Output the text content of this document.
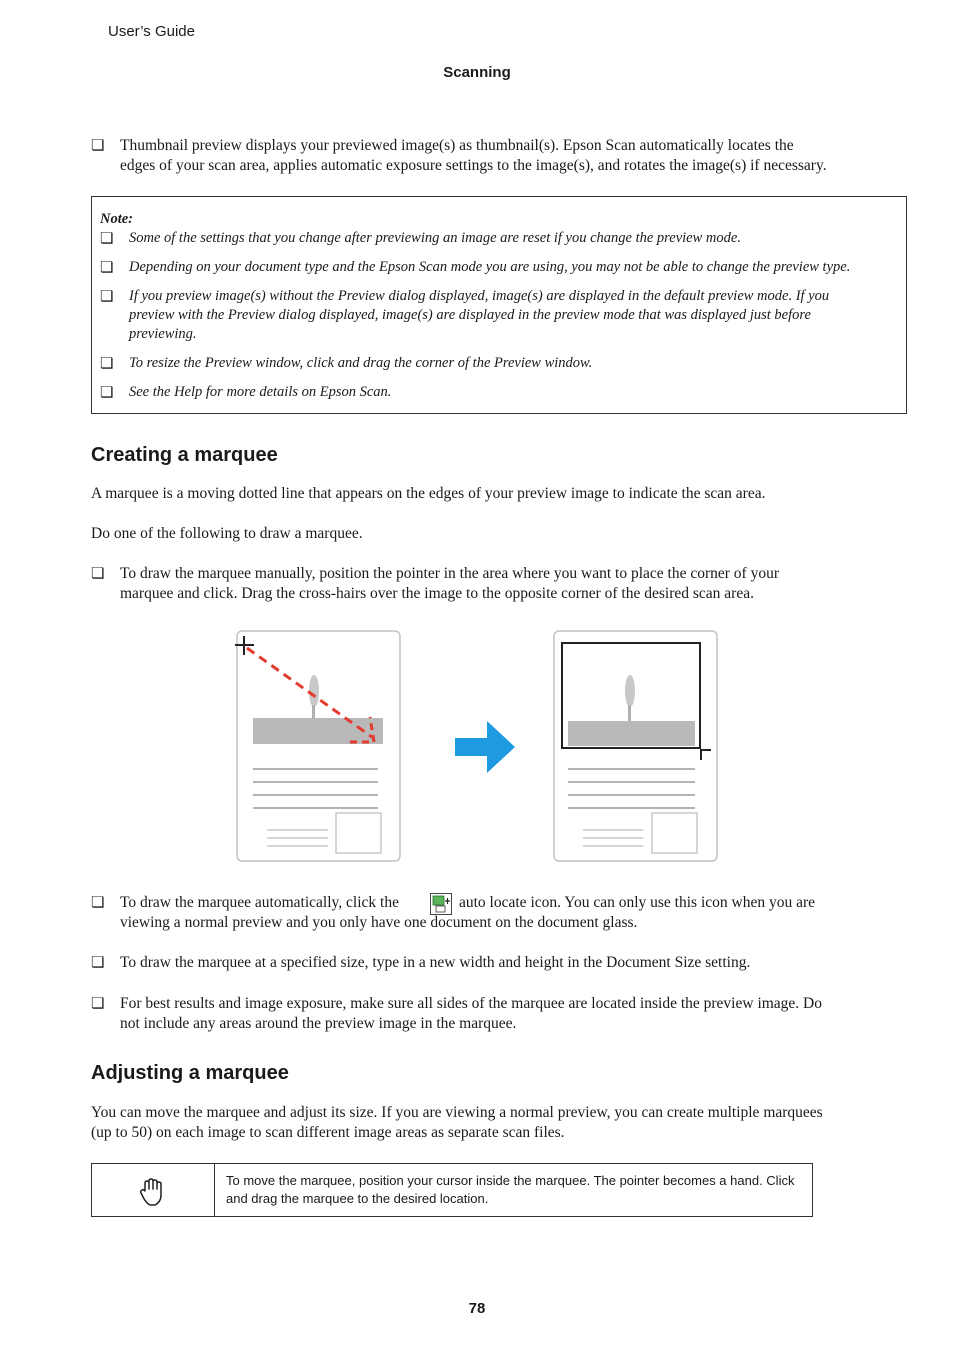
User’s Guide
Scanning
❏ Thumbnail preview displays your previewed image(s) as thumbnail(s). Epson Scan automatically locates the
edges of your scan area, applies automatic exposure settings to the image(s), and rotates the image(s) if necessary.
Note:
❏ Some of the settings that you change after previewing an image are reset if you change the preview mode.
❏ Depending on your document type and the Epson Scan mode you are using, you may not be able to change the preview type.
❏ If you preview image(s) without the Preview dialog displayed, image(s) are displayed in the default preview mode. If you
preview with the Preview dialog displayed, image(s) are displayed in the preview mode that was displayed just before
previewing.
❏ To resize the Preview window, click and drag the corner of the Preview window.
❏ See the Help for more details on Epson Scan.
Creating a marquee
A marquee is a moving dotted line that appears on the edges of your preview image to indicate the scan area.
Do one of the following to draw a marquee.
❏ To draw the marquee manually, position the pointer in the area where you want to place the corner of your
marquee and click. Drag the cross-hairs over the image to the opposite corner of the desired scan area.
❏ To draw the marquee automatically, click the	auto locate icon. You can only use this icon when you are
viewing a normal preview and you only have one document on the document glass.
❏ To draw the marquee at a specified size, type in a new width and height in the Document Size setting.
❏ For best results and image exposure, make sure all sides of the marquee are located inside the preview image. Do
not include any areas around the preview image in the marquee.
Adjusting a marquee
You can move the marquee and adjust its size. If you are viewing a normal preview, you can create multiple marquees
(up to 50) on each image to scan different image areas as separate scan files.
To move the marquee, position your cursor inside the marquee. The pointer becomes a hand. Click
and drag the marquee to the desired location.
78
